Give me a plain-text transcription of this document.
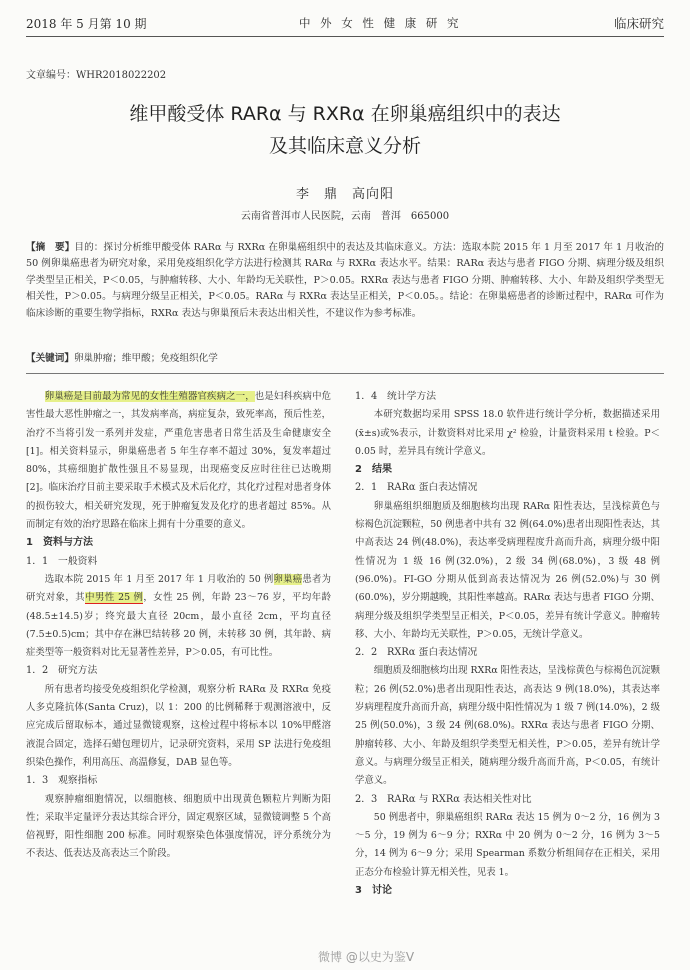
2018 年 5 月第 10 期	中 外 女 性 健 康 研 究	临床研究
文章编号：WHR2018022202
维甲酸受体 RARα 与 RXRα 在卵巢癌组织中的表达
及其临床意义分析
李　鼎　高向阳
云南省普洱市人民医院，云南　普洱　665000
【摘　要】目的：探讨分析维甲酸受体 RARα 与 RXRα 在卵巢癌组织中的表达及其临床意义。方法：选取本院 2015 年 1 月至 2017 年 1 月收治的 50 例卵巢癌患者为研究对象，采用免疫组织化学方法进行检测其 RARα 与 RXRα 表达水平。结果：RARα 表达与患者 FIGO 分期、病理分级及组织学类型呈正相关，P＜0.05，与肿瘤转移、大小、年龄均无关联性，P＞0.05。RXRα 表达与患者 FIGO 分期、肿瘤转移、大小、年龄及组织学类型无相关性，P＞0.05。与病理分级呈正相关，P＜0.05。RARα 与 RXRα 表达呈正相关，P＜0.05。。结论：在卵巢癌患者的诊断过程中，RARα 可作为临床诊断的重要生物学指标，RXRα 表达与卵巢预后未表达出相关性，不建议作为参考标准。
【关键词】卵巢肿瘤；维甲酸；免疫组织化学

卵巢癌是目前最为常见的女性生殖器官疾病之一，也是妇科疾病中危害性最大恶性肿瘤之一，其发病率高，病症复杂，致死率高，预后性差，治疗不当将引发一系列并发症，严重危害患者日常生活及生命健康安全[1]。相关资料显示，卵巢癌患者 5 年生存率不超过 30%，复发率超过 80%，其癌细胞扩散性强且不易显现，出现癌变反应时往往已达晚期[2]。临床治疗目前主要采取手术模式及术后化疗，其化疗过程对患者身体的损伤较大，相关研究发现，死于肿瘤复发及化疗的患者超过 85%。从而制定有效的治疗思路在临床上拥有十分重要的意义。

1　资料与方法

1．1　一般资料

选取本院 2015 年 1 月至 2017 年 1 月收治的 50 例卵巢癌患者为研究对象，其中男性 25 例，女性 25 例，年龄 23～76 岁，平均年龄(48.5±14.5)岁；终究最大直径 20cm，最小直径 2cm，平均直径(7.5±0.5)cm；其中存在淋巴结转移 20 例，未转移 30 例，其年龄、病症类型等一般资料对比无显著性差异，P＞0.05，有可比性。

1．2　研究方法

所有患者均接受免疫组织化学检测，观察分析 RARα 及 RXRα 免疫人多克隆抗体(Santa Cruz)，以 1：200 的比例稀释于观测溶液中，反应完成后留取标本，通过显微镜观察，这检过程中将标本以 10%甲醛溶液混合固定，选择石蜡包理切片，记录研究资料，采用 SP 法进行免疫组织染色操作，利用高压、高温修复，DAB 显色等。

1．3　观察指标

观察肿瘤细胞情况，以细胞核、细胞质中出现黄色颗粒片判断为阳性；采取半定量评分表达其综合评分，固定观察区域，显微镜调整 5 个高倍视野，阳性细胞 200 标准。同时观察染色体强度情况，评分系统分为不表达、低表达及高表达三个阶段。

1．4　统计学方法

本研究数据均采用 SPSS 18.0 软件进行统计学分析，数据描述采用(x̄±s)或%表示，计数资料对比采用 χ² 检验，计量资料采用 t 检验。P＜0.05 时，差异具有统计学意义。

2　结果

2．1　RARα 蛋白表达情况

卵巢癌组织细胞质及细胞核均出现 RARα 阳性表达，呈浅棕黄色与棕褐色沉淀颗粒，50 例患者中共有 32 例(64.0%)患者出现阳性表达，其中高表达 24 例(48.0%)，表达率受病理程度升高而升高，病理分级中阳性情况为 1 级 16 例(32.0%)，2 级 34 例(68.0%)，3 级 48 例(96.0%)。FI-GO 分期从低到高表达情况为 26 例(52.0%)与 30 例(60.0%)，岁分期越晚，其阳性率越高。RARα 表达与患者 FIGO 分期、病理分级及组织学类型呈正相关，P＜0.05，差异有统计学意义。肿瘤转移、大小、年龄均无关联性，P＞0.05，无统计学意义。

2．2　RXRα 蛋白表达情况

细胞质及细胞核均出现 RXRα 阳性表达，呈浅棕黄色与棕褐色沉淀颗粒；26 例(52.0%)患者出现阳性表达，高表达 9 例(18.0%)，其表达率岁病理程度升高而升高，病理分级中阳性情况为 1 级 7 例(14.0%)，2 级 25 例(50.0%)，3 级 24 例(68.0%)。RXRα 表达与患者 FIGO 分期、肿瘤转移、大小、年龄及组织学类型无相关性，P＞0.05，差异有统计学意义。与病理分级呈正相关，随病理分级升高而升高，P＜0.05，有统计学意义。

2．3　RARα 与 RXRα 表达相关性对比

50 例患者中，卵巢癌组织 RARα 表达 15 例为 0～2 分，16 例为 3～5 分，19 例为 6～9 分；RXRα 中 20 例为 0～2 分，16 例为 3～5 分，14 例为 6～9 分；采用 Spearman 系数分析组间存在正相关，采用正态分布检验计算无相关性，见表 1。

3　讨论

微博 @以史为鉴V
